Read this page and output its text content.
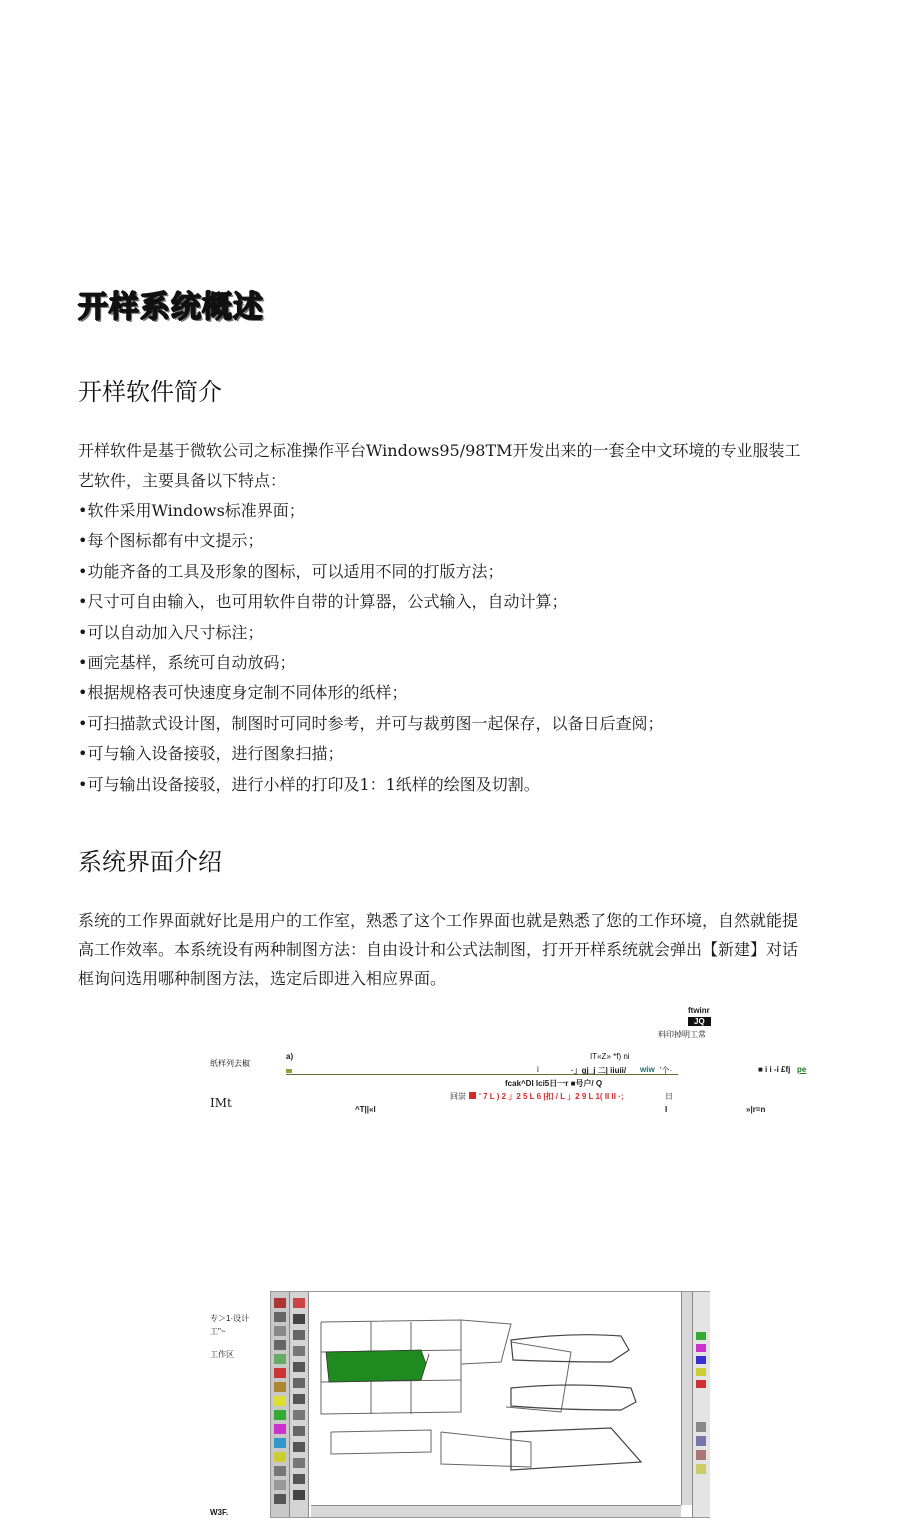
开样系统概述
开样软件简介
开样软件是基于微软公司之标准操作平台Windows95/98TM开发出来的一套全中文环境的专业服装工艺软件，主要具备以下特点：
•软件采用Windows标准界面；
•每个图标都有中文提示；
•功能齐备的工具及形象的图标，可以适用不同的打版方法；
•尺寸可自由输入，也可用软件自带的计算器，公式输入，自动计算；
•可以自动加入尺寸标注；
•画完基样，系统可自动放码；
•根据规格表可快速度身定制不同体形的纸样；
•可扫描款式设计图，制图时可同时参考，并可与裁剪图一起保存，以备日后查阅；
•可与输入设备接驳，进行图象扫描；
•可与输出设备接驳，进行小样的打印及1：1纸样的绘图及切割。
系统界面介绍
系统的工作界面就好比是用户的工作室，熟悉了这个工作界面也就是熟悉了您的工作环境，自然就能提高工作效率。本系统设有两种制图方法：自由设计和公式法制图，打开开样系统就会弹出【新建】对话框询问选用哪种制图方法，选定后即进入相应界面。
ftwinr
JQ
料印掉明工常
纸样列去椒
IMt
a)	IT«Z» *f) ni
i	·」gj_j 二| iiuii/ wiw '个·	■ i i -i £fj pe
fcak^DI lci5日一r ■号户/ Q
回崇 ' 7 L ) 2 」2 5 L 6 |扣 / L 」2 9 L 1( II II ·;	日
^T||«l	I	»|r=n
专＞1·设计
工"~
工作区
W3F.
